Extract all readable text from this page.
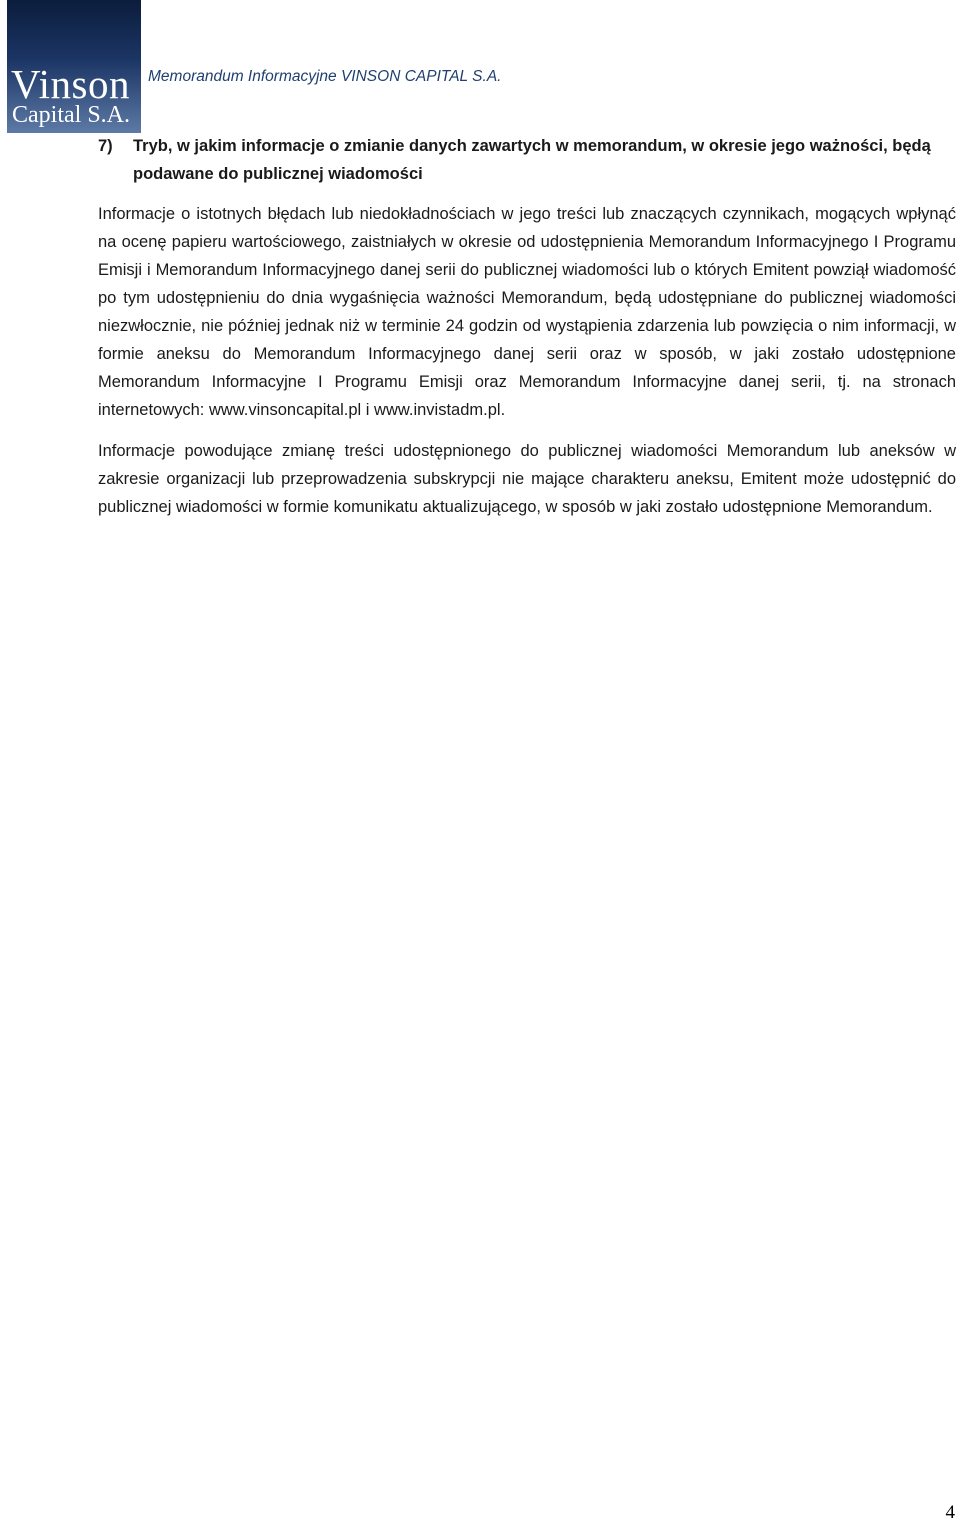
Vinson
Capital S.A.
Memorandum Informacyjne VINSON CAPITAL S.A.
7) Tryb, w jakim informacje o zmianie danych zawartych w memorandum, w okresie jego ważności, będą podawane do publicznej wiadomości

Informacje o istotnych błędach lub niedokładnościach w jego treści lub znaczących czynnikach, mogących wpłynąć na ocenę papieru wartościowego, zaistniałych w okresie od udostępnienia Memorandum Informacyjnego I Programu Emisji i Memorandum Informacyjnego danej serii do publicznej wiadomości lub o których Emitent powziął wiadomość po tym udostępnieniu do dnia wygaśnięcia ważności Memorandum, będą udostępniane do publicznej wiadomości niezwłocznie, nie później jednak niż w terminie 24 godzin od wystąpienia zdarzenia lub powzięcia o nim informacji, w formie aneksu do Memorandum Informacyjnego danej serii oraz w sposób, w jaki zostało udostępnione Memorandum Informacyjne I Programu Emisji oraz Memorandum Informacyjne danej serii, tj. na stronach internetowych: www.vinsoncapital.pl i www.invistadm.pl.

Informacje powodujące zmianę treści udostępnionego do publicznej wiadomości Memorandum lub aneksów w zakresie organizacji lub przeprowadzenia subskrypcji nie mające charakteru aneksu, Emitent może udostępnić do publicznej wiadomości w formie komunikatu aktualizującego, w sposób w jaki zostało udostępnione Memorandum.

4
